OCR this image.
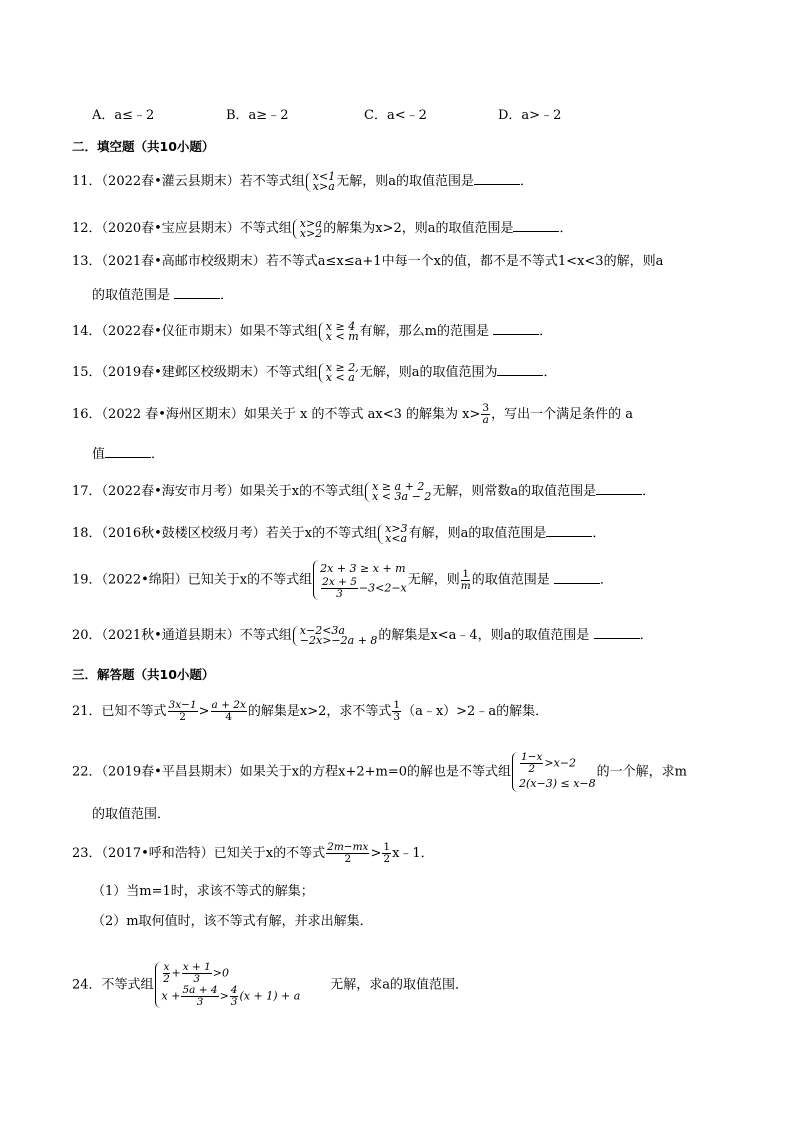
A．a≤﹣2	B．a≥﹣2	C．a<﹣2	D．a>﹣2
二．填空题（共10小题）
11．（2022春•灌云县期末）若不等式组 x<1
x>a 无解，则a的取值范围是	．
12．（2020春•宝应县期末）不等式组 x>a
x>2 的解集为x>2，则a的取值范围是	．
13．（2021春•高邮市校级期末）若不等式a≤x≤a+1中每一个x的值，都不是不等式1<x<3的解，则a
的取值范围是	．
14．（2022春•仪征市期末）如果不等式组 x ≥ 4
x < m 有解，那么m的范围是	．
15．（2019春•建邺区校级期末）不等式组 x ≥ 2,
x < a 无解，则a的取值范围为	．
16．（2022 春•海州区期末）如果关于 x 的不等式 ax<3 的解集为 $x> \frac{3}{a}$ ，写出一个满足条件的 a
值	．
17．（2022春•海安市月考）如果关于x的不等式组 x ≥ a + 2
x < 3a − 2 无解，则常数a的取值范围是	．
18．（2016秋•鼓楼区校级月考）若关于x的不等式组 x>3
x<a 有解，则a的取值范围是	．
19．（2022•绵阳）已知关于x的不等式组
2x + 3 ≥ x + m
$\frac{2x + 5}{3} -3<2-x$
无解，则 $\frac{1}{m}$ 的取值范围是	．
20．（2021秋•通道县期末）不等式组 x−2<3a
−2x>−2a + 8 的解集是x<a﹣4，则a的取值范围是	．
三．解答题（共10小题）
21．已知不等式 $\frac{3x-1}{2} > \frac{a + 2x}{4}$ 的解集是x>2，求不等式 $\frac{1}{3}$ （a﹣x）>2﹣a的解集．
22．（2019春•平昌县期末）如果关于x的方程x+2+m=0的解也是不等式组 $\frac{1-x}{2} >x-2$
2(x−3) ≤ x−8
的一个解，求m
的取值范围．
23．（2017•呼和浩特）已知关于x的不等式 $\frac{2m-mx}{2} > \frac{1}{2}$ x﹣1．
（1）当m=1时，求该不等式的解集；
（2）m取何值时，该不等式有解，并求出解集．
24．不等式组 $\frac{x}{2} + \frac{x + 1}{3} >0$
$x + \frac{5a + 4}{3} > \frac{4}{3} (x + 1) + a$
无解，求a的取值范围．
